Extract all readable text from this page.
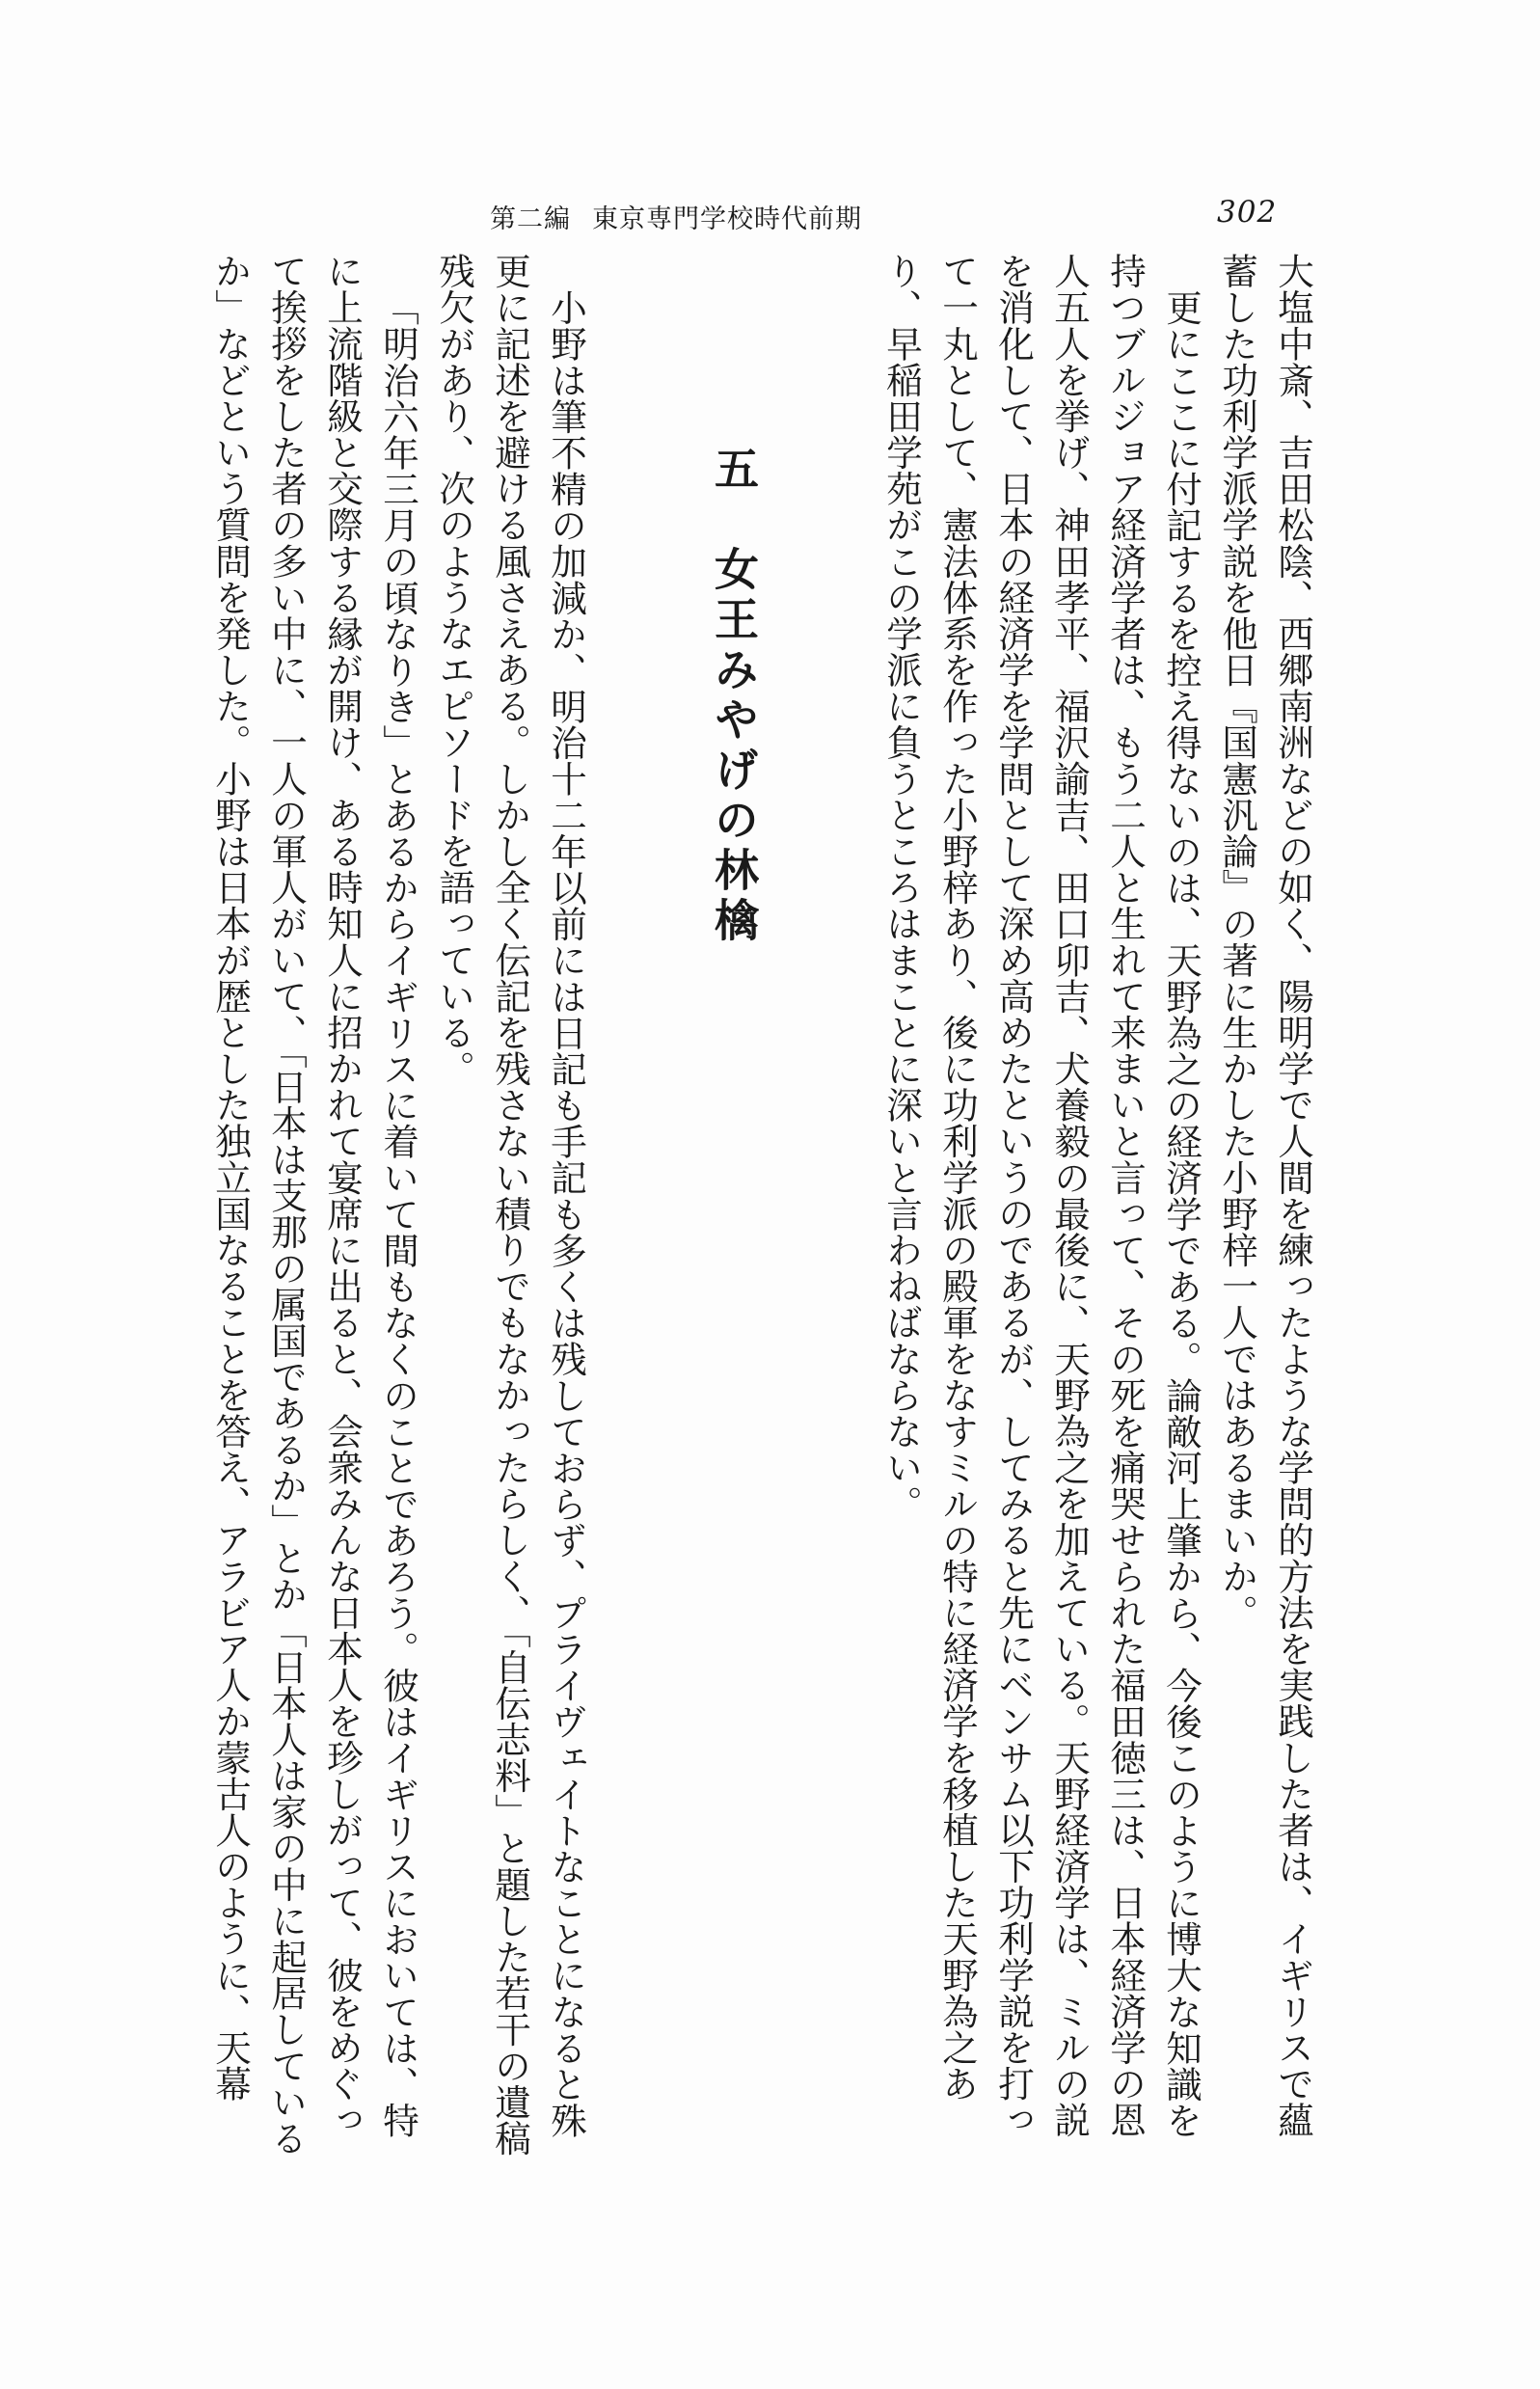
第二編 東京専門学校時代前期	302

大塩中斎、吉田松陰、西郷南洲などの如く、陽明学で人間を練ったような学問的方法を実践した者は、イギリスで蘊蓄した功利学派学説を他日『国憲汎論』の著に生かした小野梓一人ではあるまいか。

更にここに付記するを控え得ないのは、天野為之の経済学である。論敵河上肇から、今後このように博大な知識を持つブルジョア経済学者は、もう二人と生れて来まいと言って、その死を痛哭せられた福田徳三は、日本経済学の恩人五人を挙げ、神田孝平、福沢諭吉、田口卯吉、犬養毅の最後に、天野為之を加えている。天野経済学は、ミルの説を消化して、日本の経済学を学問として深め高めたというのであるが、してみると先にベンサム以下功利学説を打って一丸として、憲法体系を作った小野梓あり、後に功利学派の殿軍をなすミルの特に経済学を移植した天野為之あり、早稲田学苑がこの学派に負うところはまことに深いと言わねばならない。

五　女王みやげの林檎

小野は筆不精の加減か、明治十二年以前には日記も手記も多くは残しておらず、プライヴェイトなことになると殊更に記述を避ける風さえある。しかし全く伝記を残さない積りでもなかったらしく、「自伝志料」と題した若干の遺稿残欠があり、次のようなエピソードを語っている。

「明治六年三月の頃なりき」とあるからイギリスに着いて間もなくのことであろう。彼はイギリスにおいては、特に上流階級と交際する縁が開け、ある時知人に招かれて宴席に出ると、会衆みんな日本人を珍しがって、彼をめぐって挨拶をした者の多い中に、一人の軍人がいて、「日本は支那の属国であるか」とか「日本人は家の中に起居しているか」などという質問を発した。小野は日本が歴とした独立国なることを答え、アラビア人か蒙古人のように、天幕
